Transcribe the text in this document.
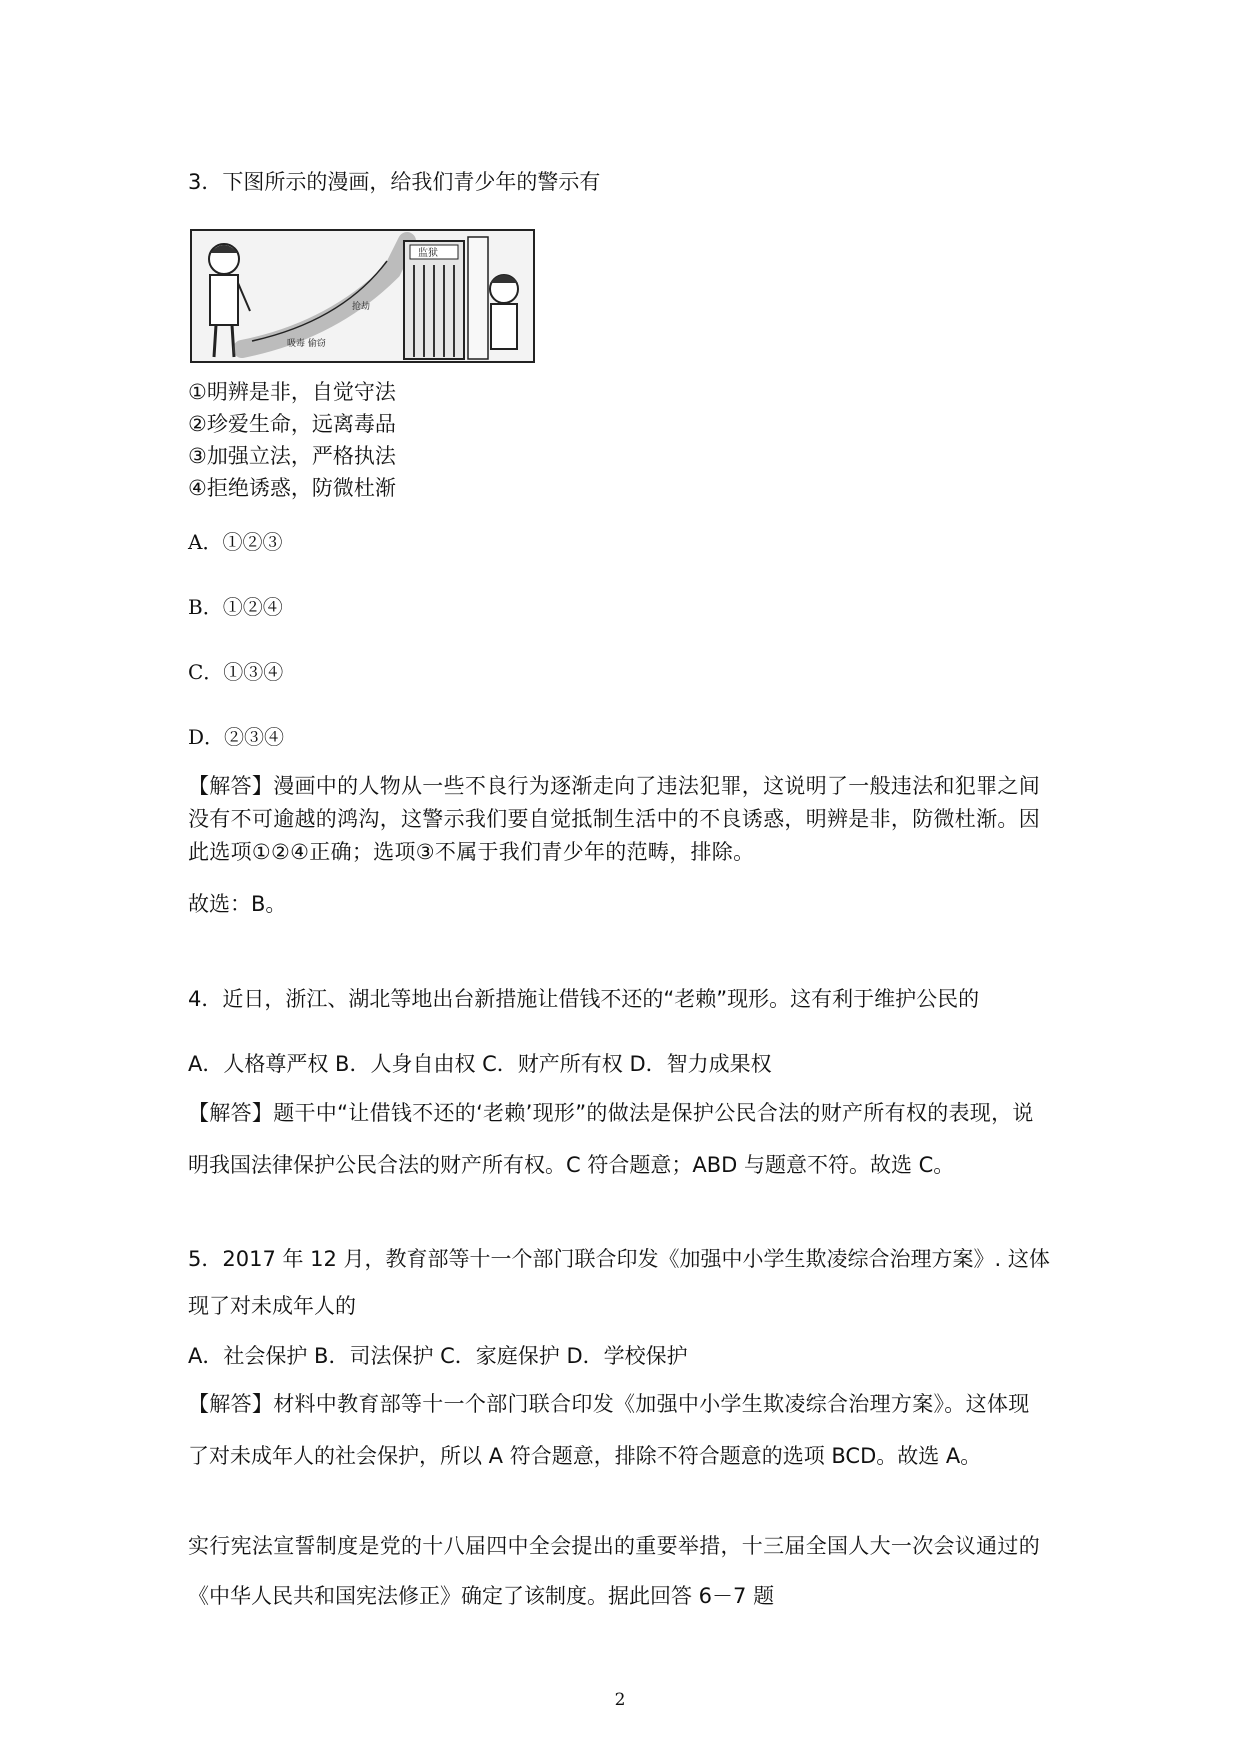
3．下图所示的漫画，给我们青少年的警示有
吸毒 偷窃
抢劫
监狱
①明辨是非，自觉守法
②珍爱生命，远离毒品
③加强立法，严格执法
④拒绝诱惑，防微杜渐
A．①②③
B．①②④
C．①③④
D．②③④
【解答】漫画中的人物从一些不良行为逐渐走向了违法犯罪，这说明了一般违法和犯罪之间
没有不可逾越的鸿沟，这警示我们要自觉抵制生活中的不良诱惑，明辨是非，防微杜渐。因
此选项①②④正确；选项③不属于我们青少年的范畴，排除。
故选：B。
4．近日，浙江、湖北等地出台新措施让借钱不还的“老赖”现形。这有利于维护公民的
A．人格尊严权 B．人身自由权 C．财产所有权 D．智力成果权
【解答】题干中“让借钱不还的‘老赖’现形”的做法是保护公民合法的财产所有权的表现，说
明我国法律保护公民合法的财产所有权。C 符合题意；ABD 与题意不符。故选 C。
5．2017 年 12 月，教育部等十一个部门联合印发《加强中小学生欺凌综合治理方案》. 这体
现了对未成年人的
A．社会保护 B．司法保护 C．家庭保护 D．学校保护
【解答】材料中教育部等十一个部门联合印发《加强中小学生欺凌综合治理方案》。这体现
了对未成年人的社会保护，所以 A 符合题意，排除不符合题意的选项 BCD。故选 A。
实行宪法宣誓制度是党的十八届四中全会提出的重要举措，十三届全国人大一次会议通过的
《中华人民共和国宪法修正》确定了该制度。据此回答 6－7 题
2
